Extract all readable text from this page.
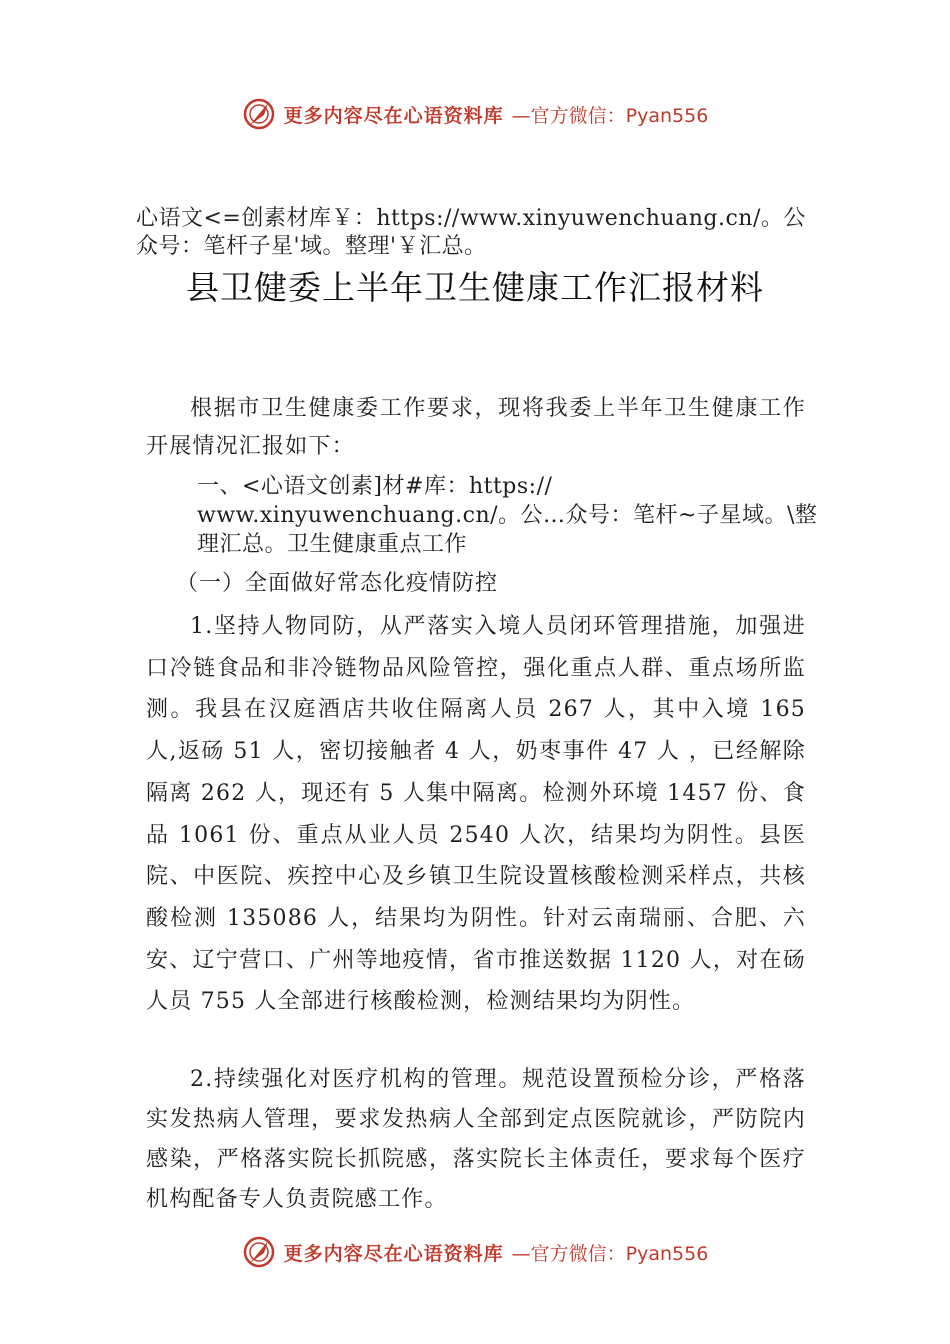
更多内容尽在心语资料库 —官方微信：Pyan556
心语文<=创素材库￥：https://www.xinyuwenchuang.cn/。公
众号：笔杆子星'域。整理'￥汇总。
县卫健委上半年卫生健康工作汇报材料

根据市卫生健康委工作要求，现将我委上半年卫生健康工作开展情况汇报如下：

一、<心语文创素]材#库：https://
www.xinyuwenchuang.cn/。公…众号：笔杆~子星域。\整
理汇总。卫生健康重点工作
（一）全面做好常态化疫情防控

1.坚持人物同防，从严落实入境人员闭环管理措施，加强进口冷链食品和非冷链物品风险管控，强化重点人群、重点场所监测。我县在汉庭酒店共收住隔离人员 267 人，其中入境 165 人,返砀 51 人，密切接触者 4 人，奶枣事件 47 人 ，已经解除隔离 262 人，现还有 5 人集中隔离。检测外环境 1457 份、食品 1061 份、重点从业人员 2540 人次，结果均为阴性。县医院、中医院、疾控中心及乡镇卫生院设置核酸检测采样点，共核酸检测 135086 人，结果均为阴性。针对云南瑞丽、合肥、六安、辽宁营口、广州等地疫情，省市推送数据 1120 人，对在砀人员 755 人全部进行核酸检测，检测结果均为阴性。

2.持续强化对医疗机构的管理。规范设置预检分诊，严格落实发热病人管理，要求发热病人全部到定点医院就诊，严防院内感染，严格落实院长抓院感，落实院长主体责任，要求每个医疗机构配备专人负责院感工作。

更多内容尽在心语资料库 —官方微信：Pyan556
